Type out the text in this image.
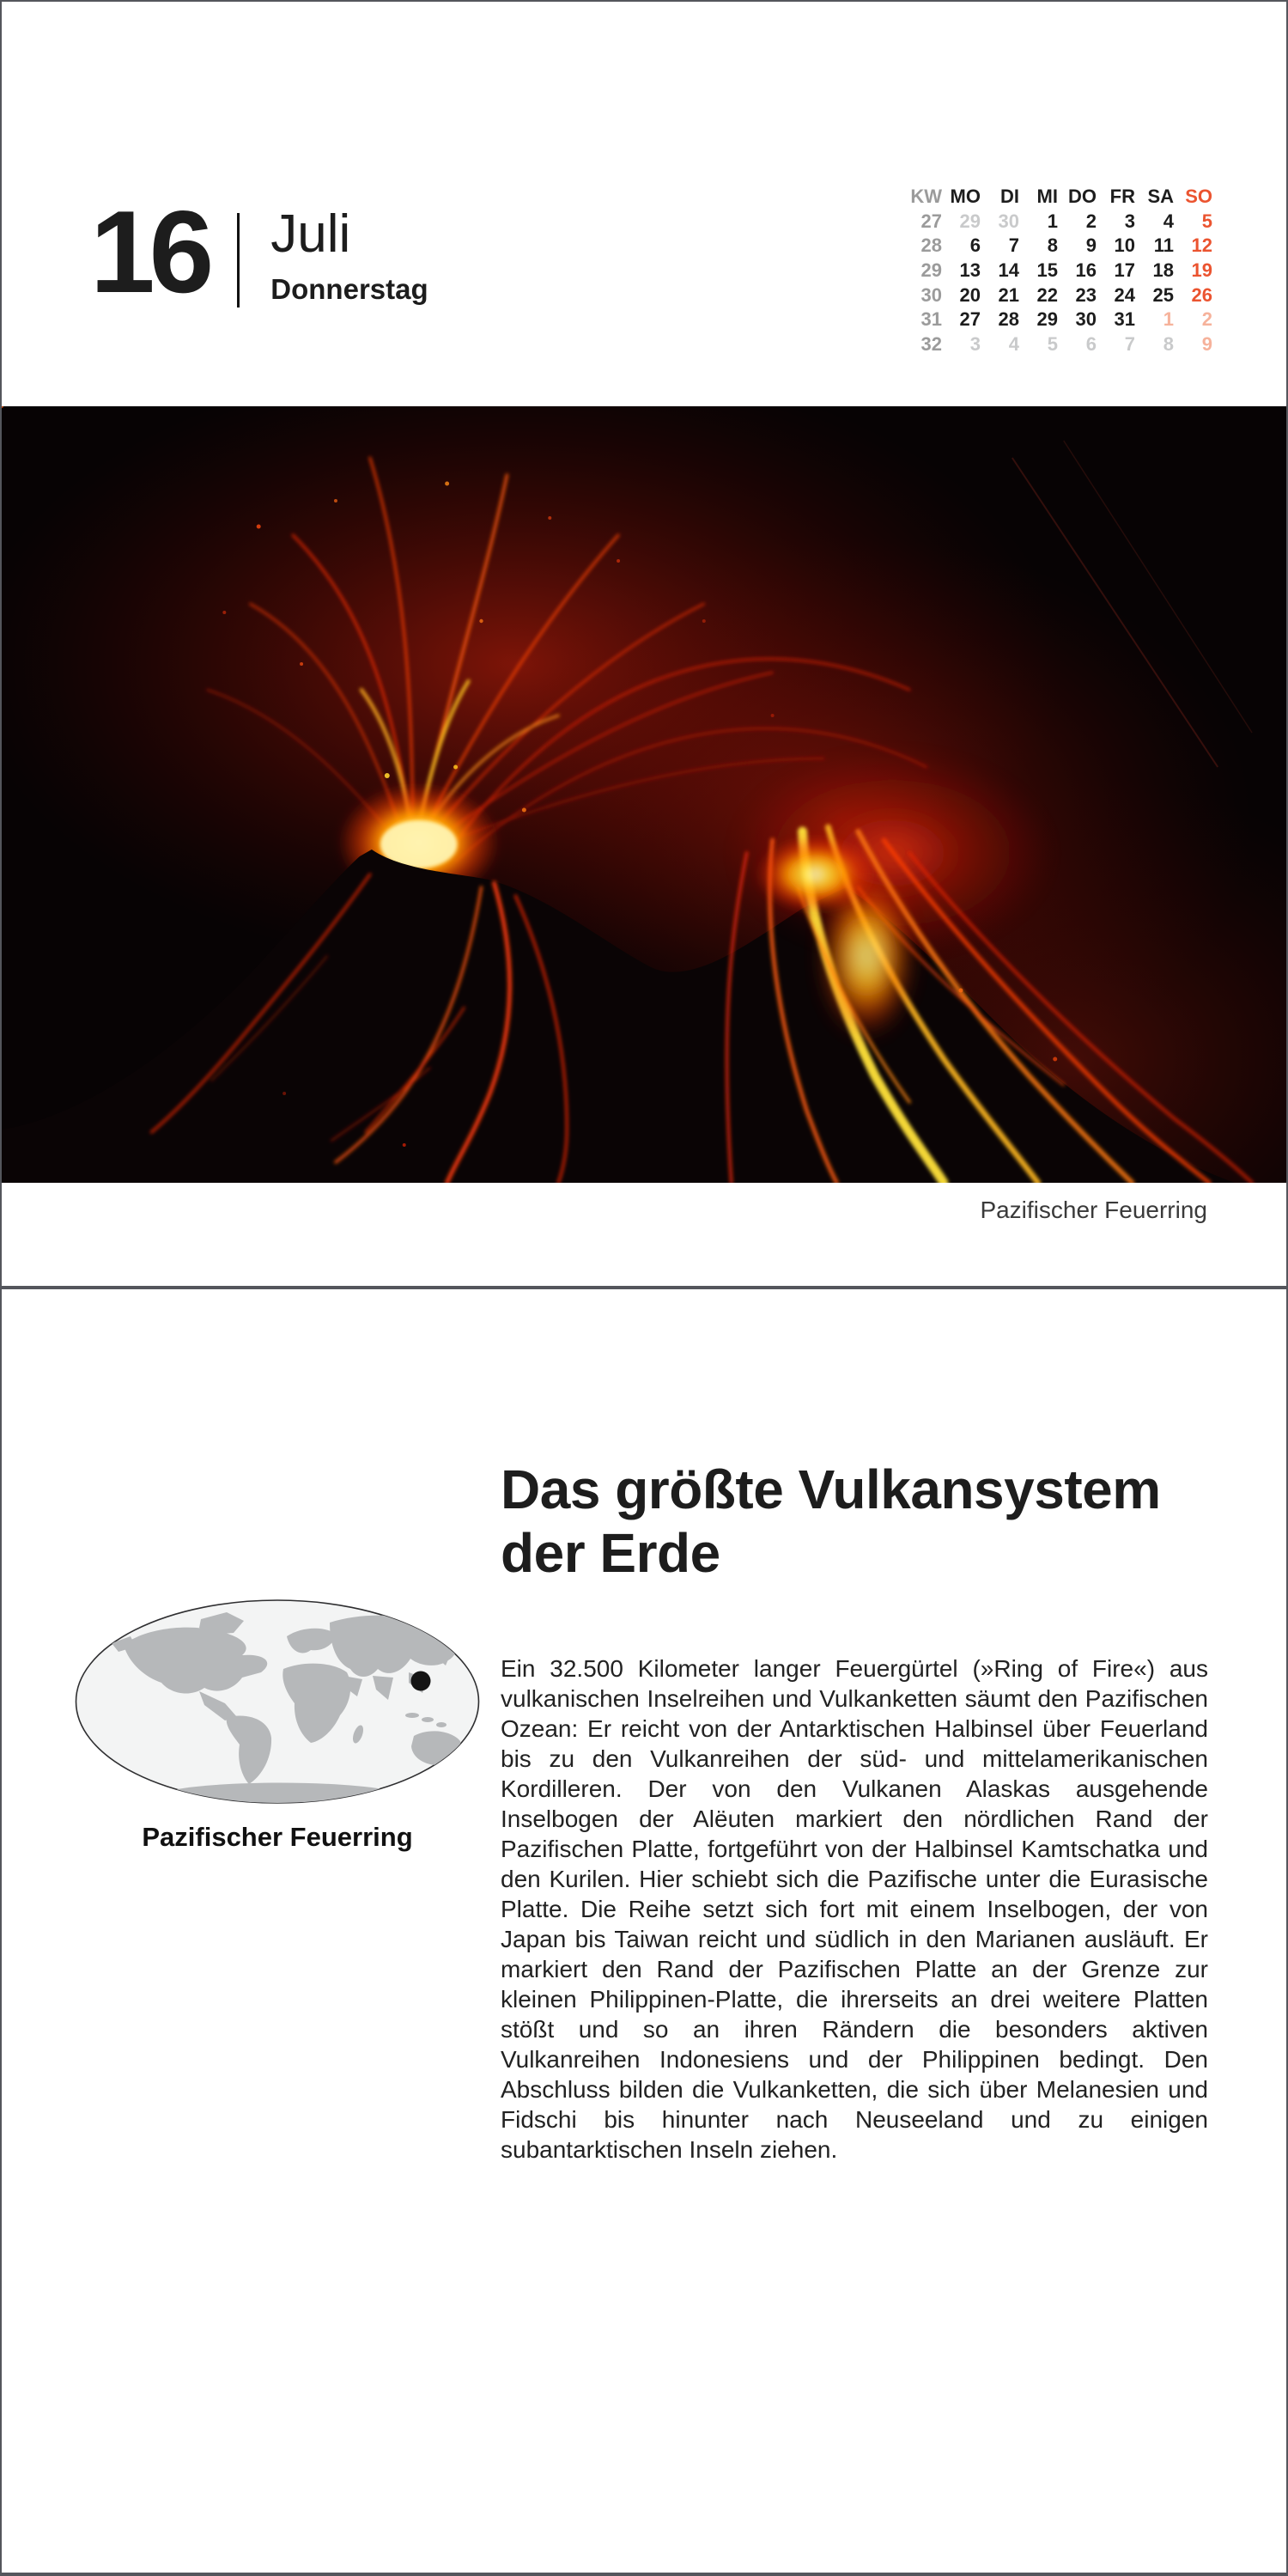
16 Juli
Donnerstag
KW MO DI MI DO FR SA SO
27 29 30 1 2 3 4 5
28 6 7 8 9 10 11 12
29 13 14 15 16 17 18 19
30 20 21 22 23 24 25 26
31 27 28 29 30 31 1 2
32 3 4 5 6 7 8 9
Pazifischer Feuerring
Das größte Vulkansystem
der Erde
Pazifischer Feuerring

Ein 32.500 Kilometer langer Feuergürtel (»Ring of Fire«) aus vulkanischen Inselreihen und Vulkanketten säumt den Pazifischen Ozean: Er reicht von der Antarktischen Halbinsel über Feuerland bis zu den Vulkanreihen der süd- und mittelamerikanischen Kordilleren. Der von den Vulkanen Alaskas ausgehende Inselbogen der Alëuten markiert den nördlichen Rand der Pazifischen Platte, fortgeführt von der Halbinsel Kamtschatka und den Kurilen. Hier schiebt sich die Pazifische unter die Eurasische Platte. Die Reihe setzt sich fort mit einem Inselbogen, der von Japan bis Taiwan reicht und südlich in den Marianen ausläuft. Er markiert den Rand der Pazifischen Platte an der Grenze zur kleinen Philippinen-Platte, die ihrerseits an drei weitere Platten stößt und so an ihren Rändern die besonders aktiven Vulkanreihen Indonesiens und der Philippinen bedingt. Den Abschluss bilden die Vulkanketten, die sich über Melanesien und Fidschi bis hinunter nach Neuseeland und zu einigen subantarktischen Inseln ziehen.
